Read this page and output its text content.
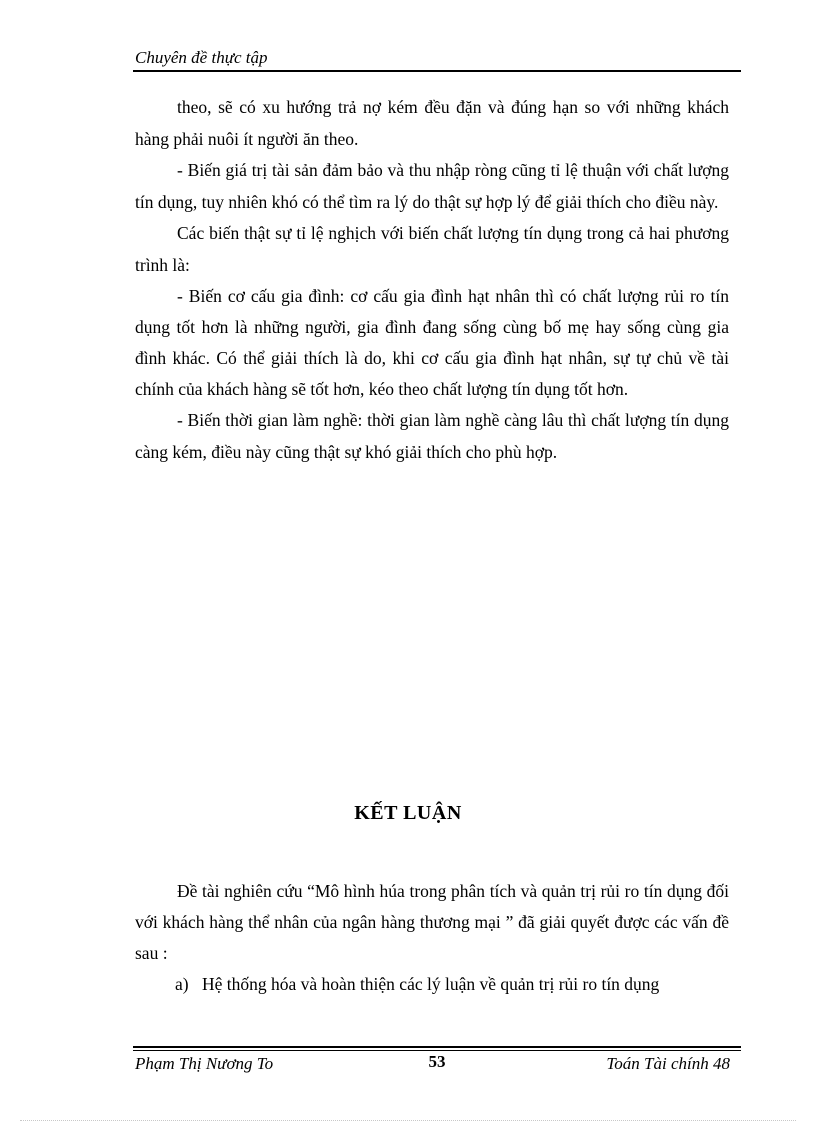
Chuyên đề thực tập

theo, sẽ có xu hướng trả nợ kém đều đặn và đúng hạn so với những khách hàng phải nuôi ít người ăn theo.

- Biến giá trị tài sản đảm bảo và thu nhập ròng cũng tỉ lệ thuận với chất lượng tín dụng, tuy nhiên khó có thể tìm ra lý do thật sự hợp lý để giải thích cho điều này.

Các biến thật sự tỉ lệ nghịch với biến chất lượng tín dụng trong cả hai phương trình là:

- Biến cơ cấu gia đình: cơ cấu gia đình hạt nhân thì có chất lượng rủi ro tín dụng tốt hơn là những người, gia đình đang sống cùng bố mẹ hay sống cùng gia đình khác. Có thể giải thích là do, khi cơ cấu gia đình hạt nhân, sự tự chủ về tài chính của khách hàng sẽ tốt hơn, kéo theo chất lượng tín dụng tốt hơn.

- Biến thời gian làm nghề: thời gian làm nghề càng lâu thì chất lượng tín dụng càng kém, điều này cũng thật sự khó giải thích cho phù hợp.

KẾT LUẬN

Đề tài nghiên cứu “Mô hình húa trong phân tích và quản trị rủi ro tín dụng đối với khách hàng thể nhân của ngân hàng thương mại ” đã giải quyết được các vấn đề sau :

a) Hệ thống hóa và hoàn thiện các lý luận về quản trị rủi ro tín dụng

Phạm Thị Nương To	53	Toán Tài chính 48
